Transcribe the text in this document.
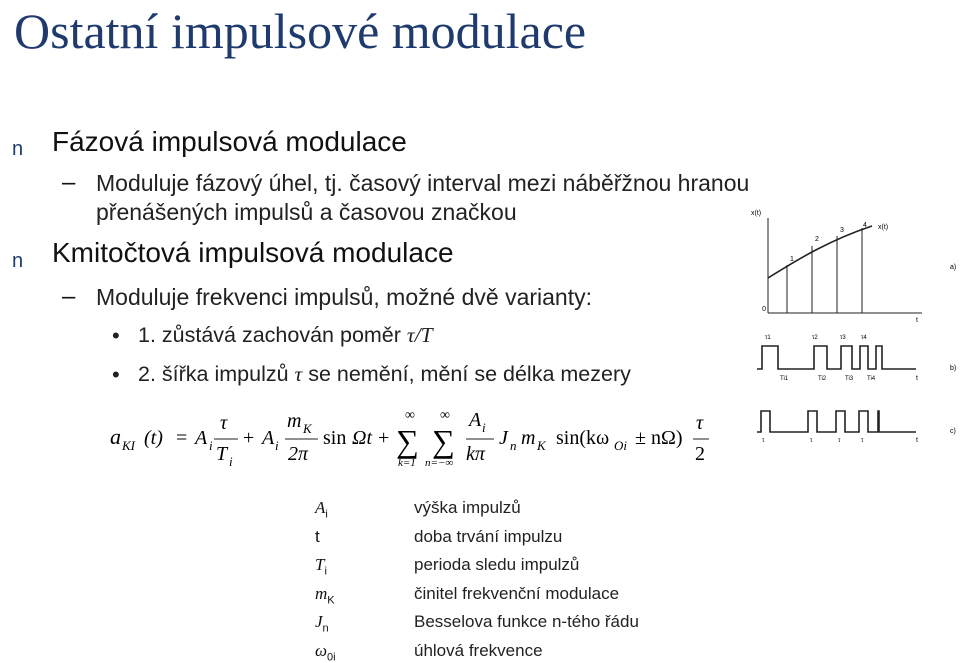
Ostatní impulsové modulace
n Fázová impulsová modulace
– Moduluje fázový úhel, tj. časový interval mezi náběřžnou hranou
přenášených impulsů a časovou značkou
n Kmitočtová impulsová modulace
– Moduluje frekvenci impulsů, možné dvě varianty:
• 1. zůstává zachován poměr τ/T
• 2. šířka impulzů τ se nemění, mění se délka mezery
x(t)
x(t)
0
t
1
2
3
4
a)
τ1	τ2	τ3	τ4
Ti1	Ti2	Ti3 Ti4	t
b)
τ	τ	τ	τ	t
c)
a KI (t) = A i
τ
T i
+ A i
m K
2π
sin Ωt +
∞
∑
k=1
∞
∑
n=−∞
A i
kπ
J n m K sin(kω Oi ± nΩ)
τ
2
$A_i$	výška impulzů
t	doba trvání impulzu
$T_i$	perioda sledu impulzů
$m_K$	činitel frekvenční modulace
$J_n$	Besselova funkce n-tého řádu
$\omega_{0i}$	úhlová frekvence
